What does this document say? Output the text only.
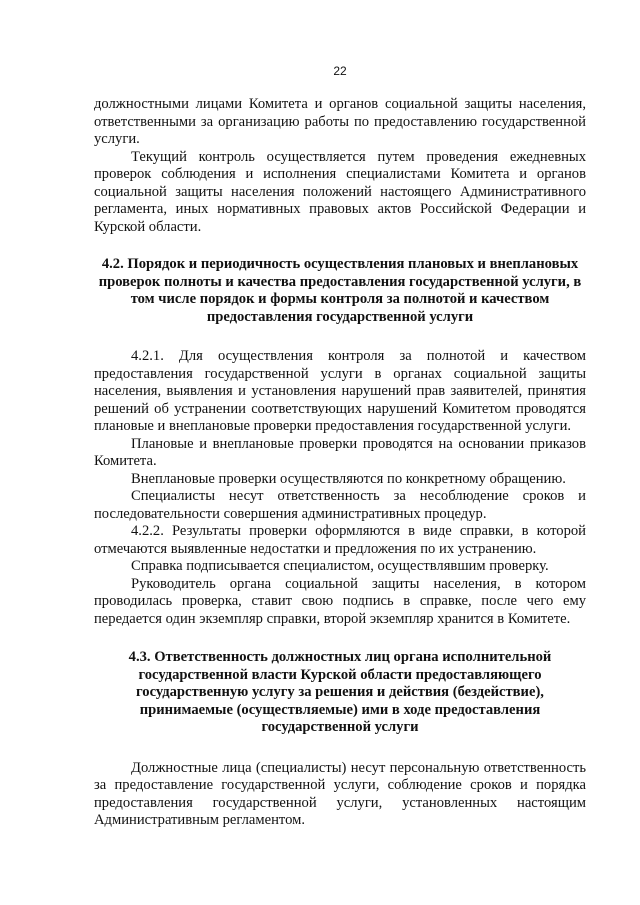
22

должностными лицами Комитета и органов социальной защиты населения, ответственными за организацию работы по предоставлению государственной услуги.

Текущий контроль осуществляется путем проведения ежедневных проверок соблюдения и исполнения специалистами Комитета и органов социальной защиты населения положений настоящего Административного регламента, иных нормативных правовых актов Российской Федерации и Курской области.

4.2. Порядок и периодичность осуществления плановых и внеплановых проверок полноты и качества предоставления государственной услуги, в том числе порядок и формы контроля за полнотой и качеством предоставления государственной услуги

4.2.1. Для осуществления контроля за полнотой и качеством предоставления государственной услуги в органах социальной защиты населения, выявления и установления нарушений прав заявителей, принятия решений об устранении соответствующих нарушений Комитетом проводятся плановые и внеплановые проверки предоставления государственной услуги.

Плановые и внеплановые проверки проводятся на основании приказов Комитета.

Внеплановые проверки осуществляются по конкретному обращению.

Специалисты несут ответственность за несоблюдение сроков и последовательности совершения административных процедур.

4.2.2. Результаты проверки оформляются в виде справки, в которой отмечаются выявленные недостатки и предложения по их устранению.

Справка подписывается специалистом, осуществлявшим проверку.

Руководитель органа социальной защиты населения, в котором проводилась проверка, ставит свою подпись в справке, после чего ему передается один экземпляр справки, второй экземпляр хранится в Комитете.

4.3. Ответственность должностных лиц органа исполнительной государственной власти Курской области предоставляющего государственную услугу за решения и действия (бездействие), принимаемые (осуществляемые) ими в ходе предоставления государственной услуги

Должностные лица (специалисты) несут персональную ответственность за предоставление государственной услуги, соблюдение сроков и порядка предоставления государственной услуги, установленных настоящим Административным регламентом.
